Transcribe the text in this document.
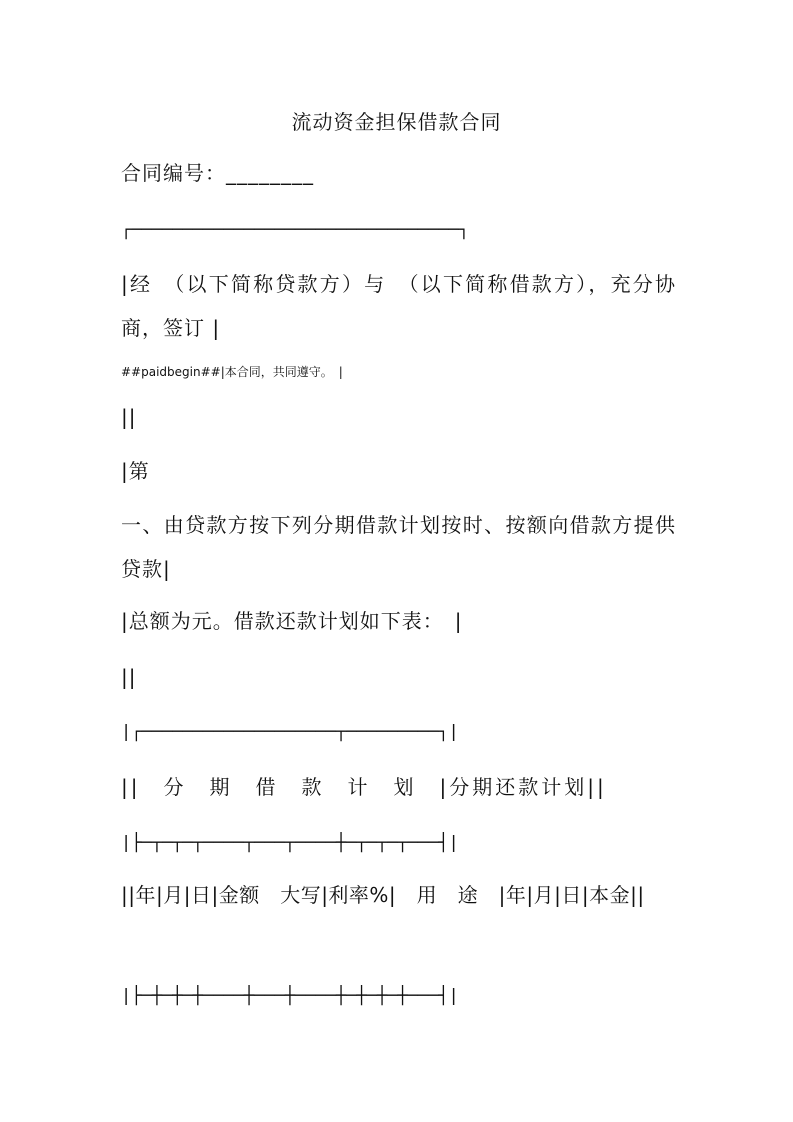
流动资金担保借款合同
合同编号：________
┌────────────────────────────────┐
|经　（以下简称贷款方）与　（以下简称借款方），充分协商，签订 |
##paidbegin##|本合同，共同遵守。　|
||
|第
一、由贷款方按下列分期借款计划按时、按额向借款方提供贷款|
|总额为元。借款还款计划如下表：　|
||
|┌───────────────────┬─────────┐|
||　分　期　借　款　计　划　|分期还款计划||
|├─┬─┬─┬────┬───┬────┼─┬─┬─┬───┤|
||年|月|日|金额　大写|利率%|　用　途　|年|月|日|本金||
|├─┼─┼─┼────┼───┼────┼─┼─┼─┼───┤|
